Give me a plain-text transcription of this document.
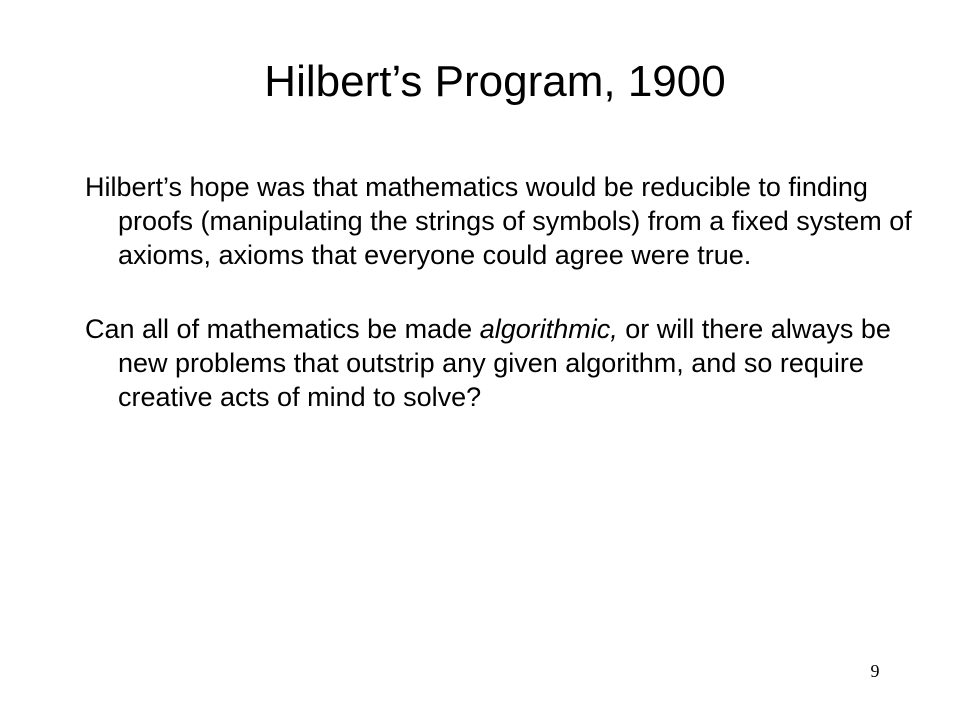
Hilbert’s Program, 1900

Hilbert’s hope was that mathematics would be reducible to finding proofs (manipulating the strings of symbols) from a fixed system of axioms, axioms that everyone could agree were true.

Can all of mathematics be made algorithmic, or will there always be new problems that outstrip any given algorithm, and so require creative acts of mind to solve?

9
